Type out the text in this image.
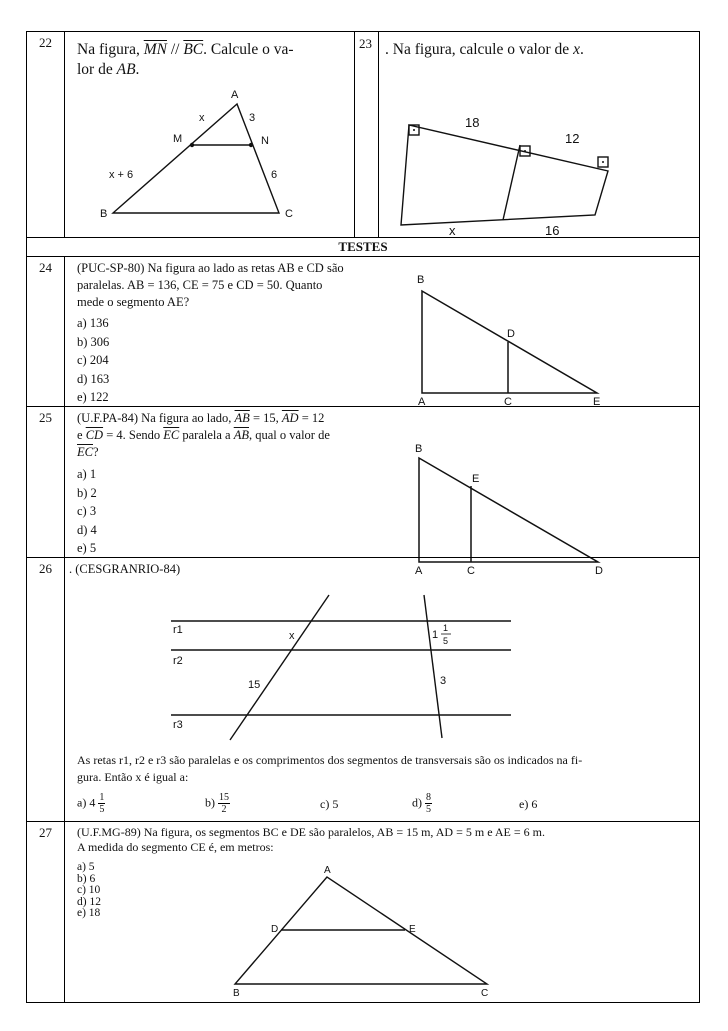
22	Na figura, $\overline{MN} // \overline{BC}$. Calcule o va-
lor de AB.
A
M	N
B	C
x	3
x + 6	6
23 . Na figura, calcule o valor de x.
18
12
x	16
TESTES
24	(PUC-SP-80) Na figura ao lado as retas AB e CD são
paralelas. AB = 136, CE = 75 e CD = 50. Quanto
mede o segmento AE?
a) 136
b) 306
c) 204
d) 163
e) 122
B
D
A	C	E
25	(U.F.PA-84) Na figura ao lado, $\overline{AB} = 15$, $\overline{AD} = 12$
e $\overline{CD} = 4$. Sendo $\overline{EC}$ paralela a $\overline{AB}$, qual o valor de
$\overline{EC}$?
a) 1
b) 2
c) 3
d) 4
e) 5
B
E
A	C	D
26	. (CESGRANRIO-84)
r1
r2
r3
x
15
1
1
5
3
As retas r1, r2 e r3 são paralelas e os comprimentos dos segmentos de transversais são os indicados na fi-
gura. Então x é igual a:
a) $4 \frac{1}{5}$	$b) \frac{15}{2}$	c) 5	$d) \frac{8}{5}$	e) 6
27	(U.F.MG-89) Na figura, os segmentos BC e DE são paralelos, AB = 15 m, AD = 5 m e AE = 6 m.
A medida do segmento CE é, em metros:
a) 5
b) 6
c) 10
d) 12
e) 18
A
D	E
B	C
